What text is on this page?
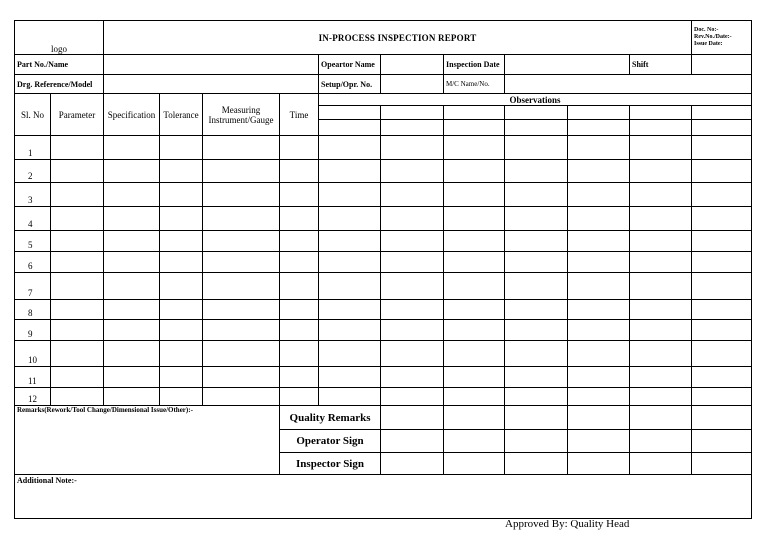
logo		IN-PROCESS INSPECTION REPORT										Doc. No:-
Rev.No./Date:-
Issue Date:

Part No./Name						Opeartor Name		Inspection Date			Shift	
Drg. Reference/Model						Setup/Opr. No.		M/C Name/No.				
Sl. No	Parameter	Specification	Tolerance	Measuring Instrument/Gauge	Time	Observations						

1												
2												
3												
4												
5												
6												
7												
8												
9												
10												
11												
12												
Remarks(Rework/Tool Change/Dimensional Issue/Other):-					Quality Remarks							
					Operator Sign							
					Inspector Sign							
Additional Note:-												
Approved By: Quality Head
